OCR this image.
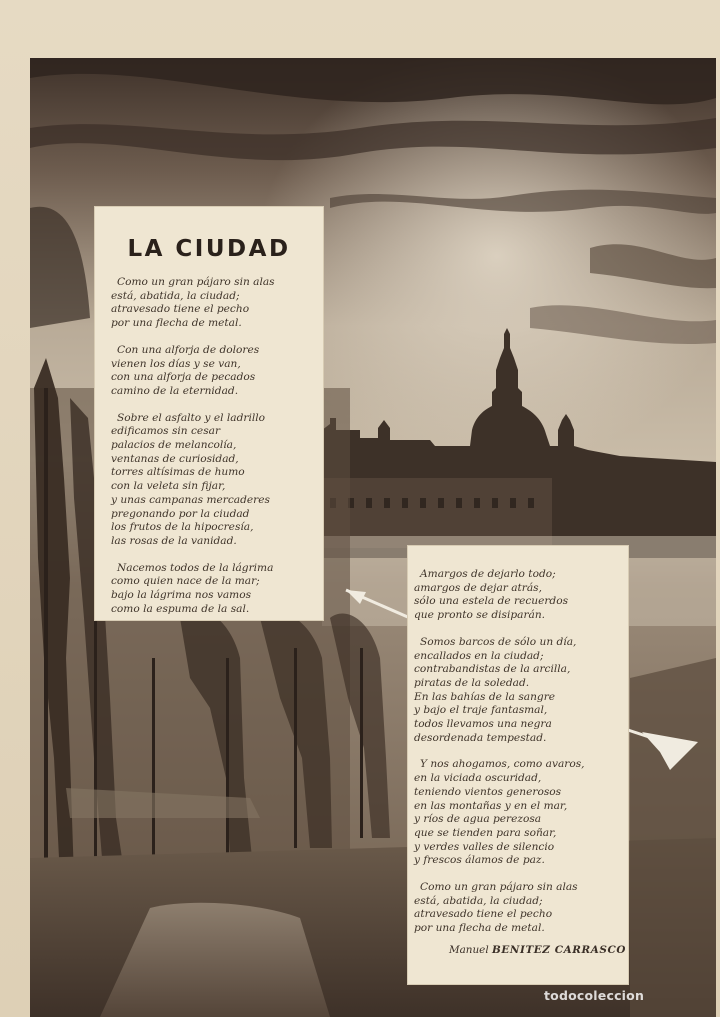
LA CIUDAD
Como un gran pájaro sin alas
está, abatida, la ciudad;
atravesado tiene el pecho
por una flecha de metal.
Con una alforja de dolores
vienen los días y se van,
con una alforja de pecados
camino de la eternidad.
Sobre el asfalto y el ladrillo
edificamos sin cesar
palacios de melancolía,
ventanas de curiosidad,
torres altísimas de humo
con la veleta sin fijar,
y unas campanas mercaderes
pregonando por la ciudad
los frutos de la hipocresía,
las rosas de la vanidad.
Nacemos todos de la lágrima
como quien nace de la mar;
bajo la lágrima nos vamos
como la espuma de la sal.
Amargos de dejarlo todo;
amargos de dejar atrás,
sólo una estela de recuerdos
que pronto se disiparán.
Somos barcos de sólo un día,
encallados en la ciudad;
contrabandistas de la arcilla,
piratas de la soledad.
En las bahías de la sangre
y bajo el traje fantasmal,
todos llevamos una negra
desordenada tempestad.
Y nos ahogamos, como avaros,
en la viciada oscuridad,
teniendo vientos generosos
en las montañas y en el mar,
y ríos de agua perezosa
que se tienden para soñar,
y verdes valles de silencio
y frescos álamos de paz.
Como un gran pájaro sin alas
está, abatida, la ciudad;
atravesado tiene el pecho
por una flecha de metal.
Manuel BENITEZ CARRASCO
todocoleccion
